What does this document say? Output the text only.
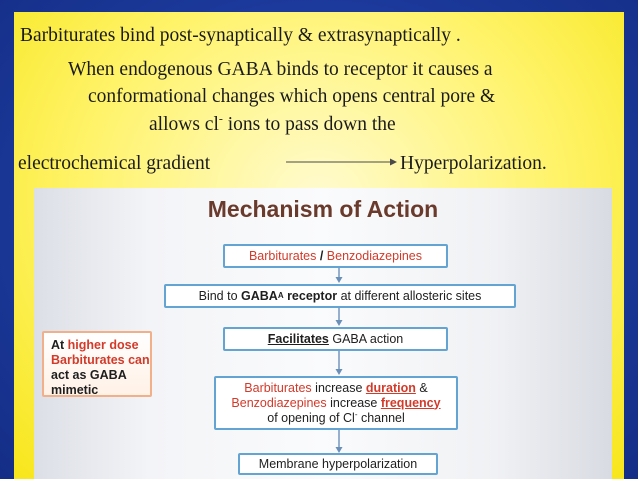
Barbiturates bind post-synaptically & extrasynaptically .
When endogenous GABA binds to receptor it causes a
conformational changes which opens central pore &
allows cl- ions to pass down the
electrochemical gradient	Hyperpolarization.
Mechanism of Action
Barbiturates / Benzodiazepines
Bind to GABA A receptor at different allosteric sites
Facilitates GABA action
Barbiturates increase duration &
Benzodiazepines increase frequency
of opening of Cl- channel
Membrane hyperpolarization
At higher dose
Barbiturates can
act as GABA
mimetic
